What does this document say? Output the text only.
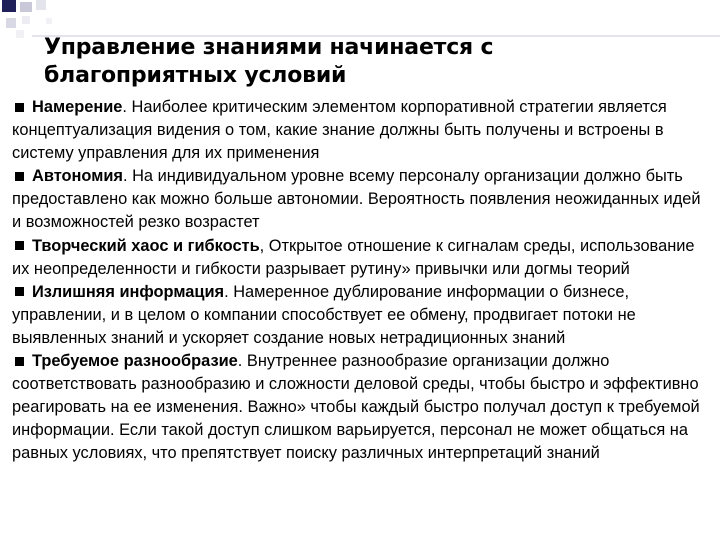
Управление знаниями начинается с благоприятных условий

Намерение. Наиболее критическим элементом корпоративной стратегии является концептуализация видения о том, какие знание должны быть получены и встроены в систему управления для их применения

Автономия. На индивидуальном уровне всему персоналу организации должно быть предоставлено как можно больше автономии. Вероятность появления неожиданных идей и возможностей резко возрастет

Творческий хаос и гибкость, Открытое отношение к сигналам среды, использование их неопределенности и гибкости разрывает рутину» привычки или догмы теорий

Излишняя информация. Намеренное дублирование информации о бизнесе, управлении, и в целом о компании способствует ее обмену, продвигает потоки не выявленных знаний и ускоряет создание новых нетрадиционных знаний

Требуемое разнообразие. Внутреннее разнообразие организации должно соответствовать разнообразию и сложности деловой среды, чтобы быстро и эффективно реагировать на ее изменения. Важно» чтобы каждый быстро получал доступ к требуемой информации. Если такой доступ слишком варьируется, персонал не может общаться на равных условиях, что препятствует поиску различных интерпретаций знаний
